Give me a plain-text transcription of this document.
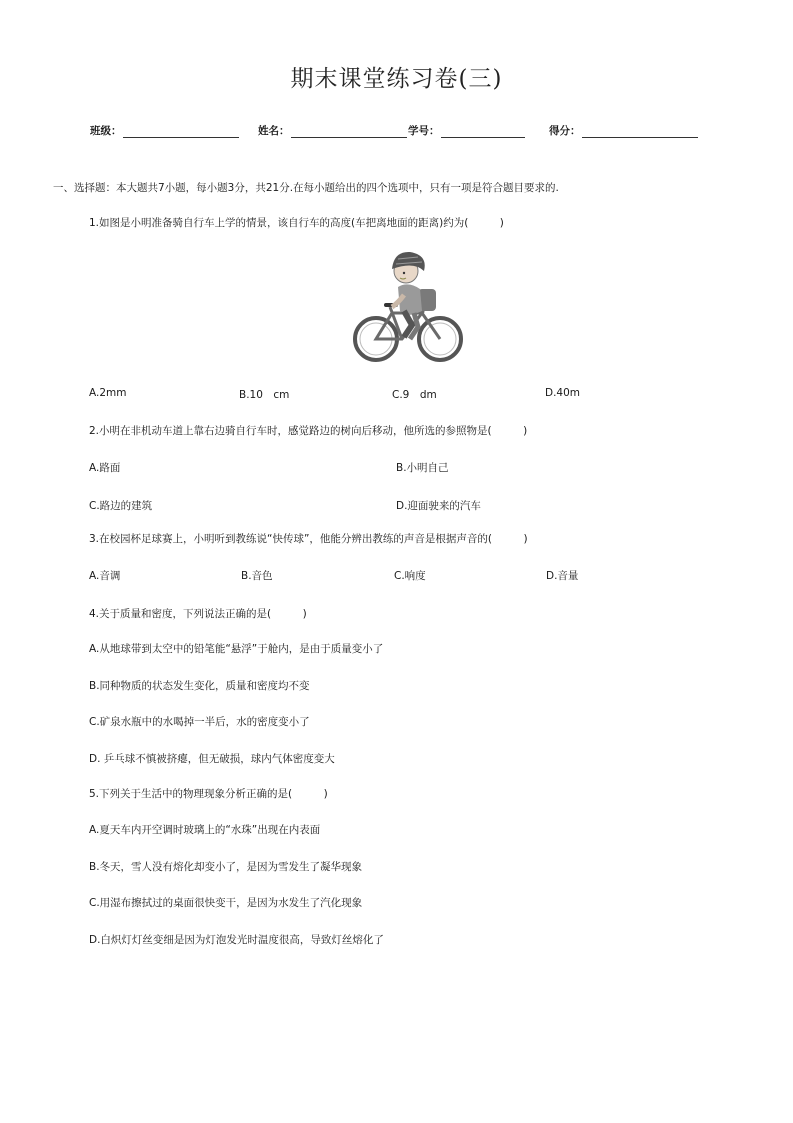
期末课堂练习卷(三)
班级：	姓名：	学号：	得分：
一、选择题：本大题共7小题，每小题3分，共21分.在每小题给出的四个选项中，只有一项是符合题目要求的.
1.如图是小明准备骑自行车上学的情景，该自行车的高度(车把离地面的距离)约为(　　　)
A.2mm	B.10　cm	C.9　dm	D.40m
2.小明在非机动车道上靠右边骑自行车时，感觉路边的树向后移动，他所选的参照物是(　　　)
A.路面	B.小明自己
C.路边的建筑	D.迎面驶来的汽车
3.在校园杯足球赛上，小明听到教练说“快传球”，他能分辨出教练的声音是根据声音的(　　　)
A.音调	B.音色	C.响度	D.音量
4.关于质量和密度，下列说法正确的是(　　　)
A.从地球带到太空中的铅笔能“悬浮”于舱内，是由于质量变小了
B.同种物质的状态发生变化，质量和密度均不变
C.矿泉水瓶中的水喝掉一半后，水的密度变小了
D. 乒乓球不慎被挤瘪，但无破损，球内气体密度变大
5.下列关于生活中的物理现象分析正确的是(　　　)
A.夏天车内开空调时玻璃上的“水珠”出现在内表面
B.冬天，雪人没有熔化却变小了，是因为雪发生了凝华现象
C.用湿布擦拭过的桌面很快变干，是因为水发生了汽化现象
D.白炽灯灯丝变细是因为灯泡发光时温度很高，导致灯丝熔化了
